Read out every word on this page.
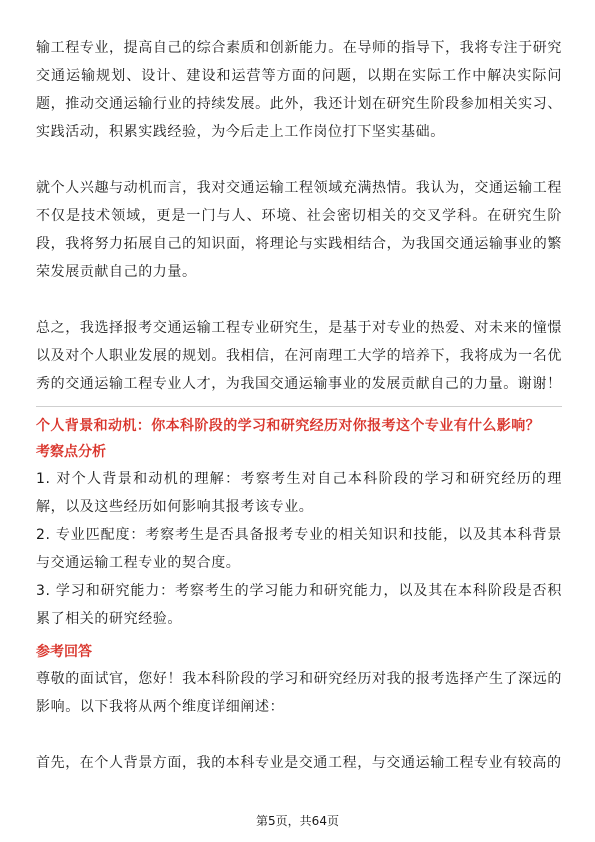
输工程专业，提高自己的综合素质和创新能力。在导师的指导下，我将专注于研究交通运输规划、设计、建设和运营等方面的问题，以期在实际工作中解决实际问题，推动交通运输行业的持续发展。此外，我还计划在研究生阶段参加相关实习、实践活动，积累实践经验，为今后走上工作岗位打下坚实基础。

就个人兴趣与动机而言，我对交通运输工程领域充满热情。我认为，交通运输工程不仅是技术领域，更是一门与人、环境、社会密切相关的交叉学科。在研究生阶段，我将努力拓展自己的知识面，将理论与实践相结合，为我国交通运输事业的繁荣发展贡献自己的力量。

总之，我选择报考交通运输工程专业研究生，是基于对专业的热爱、对未来的憧憬以及对个人职业发展的规划。我相信，在河南理工大学的培养下，我将成为一名优秀的交通运输工程专业人才，为我国交通运输事业的发展贡献自己的力量。谢谢！

个人背景和动机：你本科阶段的学习和研究经历对你报考这个专业有什么影响？

考察点分析

1. 对个人背景和动机的理解：考察考生对自己本科阶段的学习和研究经历的理解，以及这些经历如何影响其报考该专业。

2. 专业匹配度：考察考生是否具备报考专业的相关知识和技能，以及其本科背景与交通运输工程专业的契合度。

3. 学习和研究能力：考察考生的学习能力和研究能力，以及其在本科阶段是否积累了相关的研究经验。

参考回答

尊敬的面试官，您好！我本科阶段的学习和研究经历对我的报考选择产生了深远的影响。以下我将从两个维度详细阐述：

首先，在个人背景方面，我的本科专业是交通工程，与交通运输工程专业有较高的

第5页，共64页
